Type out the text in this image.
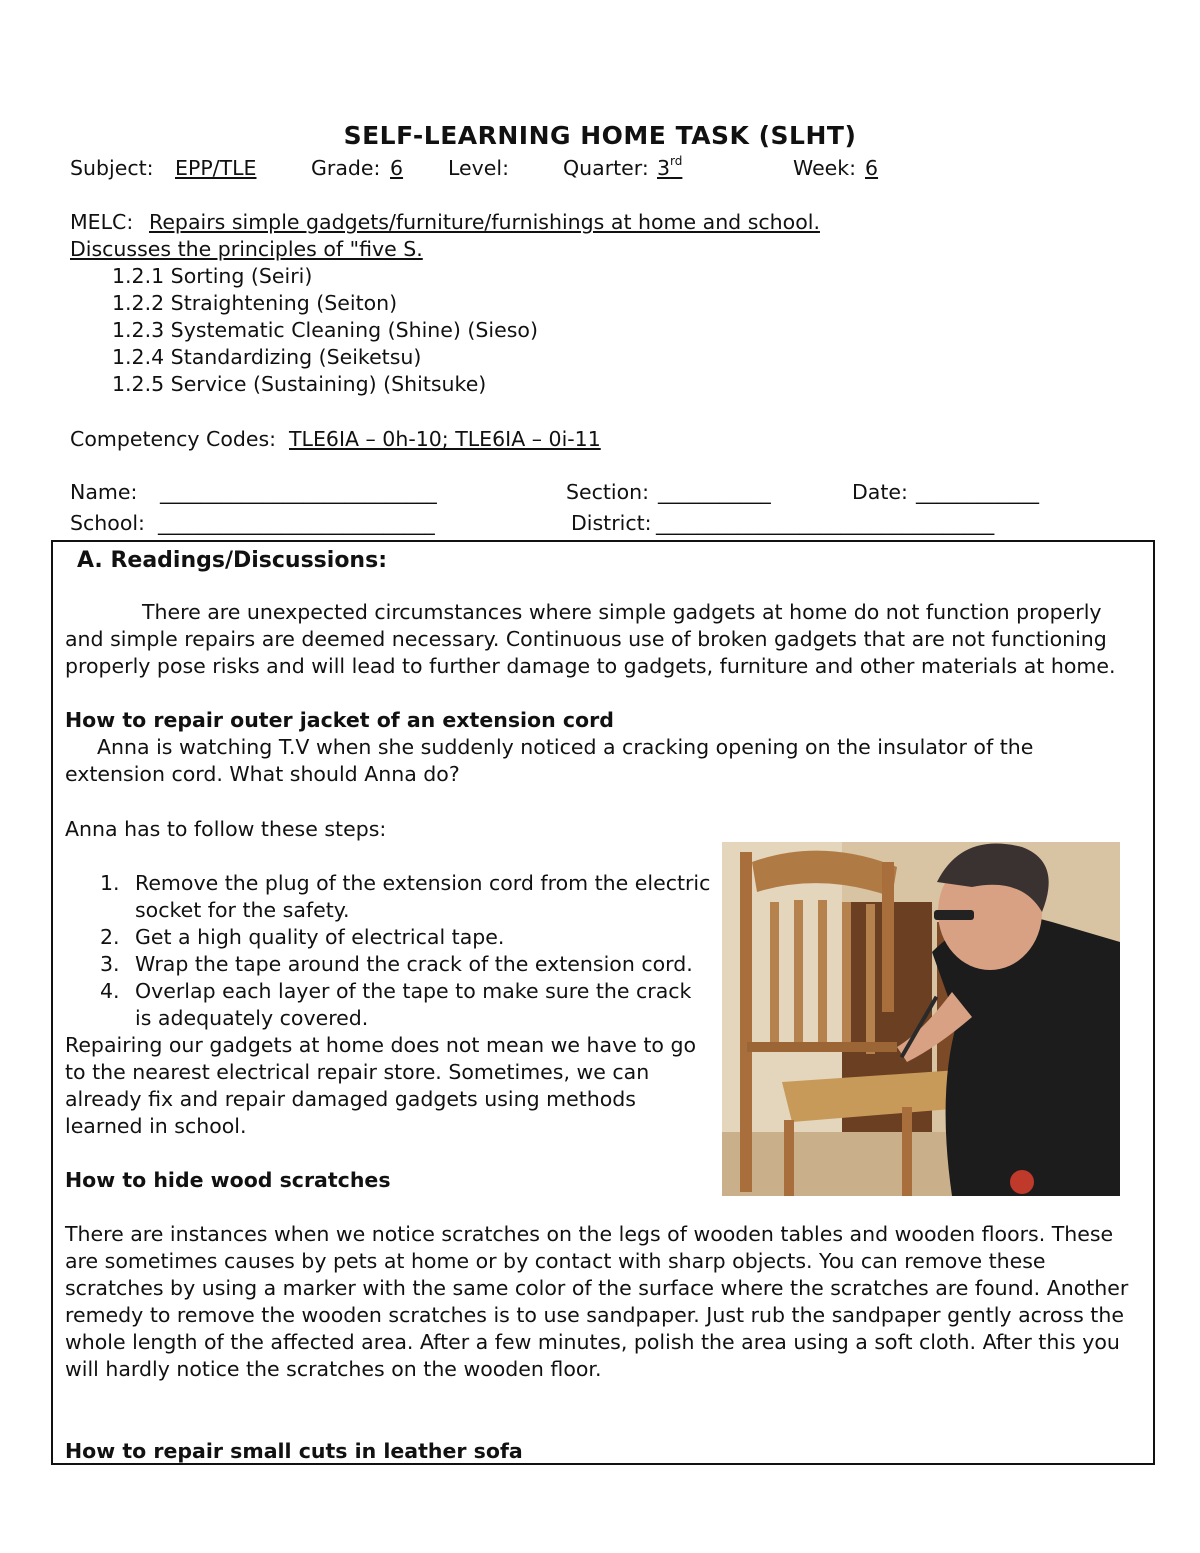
SELF-LEARNING HOME TASK (SLHT)
Subject: EPP/TLE	Grade: 6 Level:	Quarter: 3rd	Week: 6
MELC: Repairs simple gadgets/furniture/furnishings at home and school.
Discusses the principles of "five S.
1.2.1 Sorting (Seiri)
1.2.2 Straightening (Seiton)
1.2.3 Systematic Cleaning (Shine) (Sieso)
1.2.4 Standardizing (Seiketsu)
1.2.5 Service (Sustaining) (Shitsuke)
Competency Codes: TLE6IA – 0h-10; TLE6IA – 0i-11
Name: ___________________________	Section: ___________	Date: ____________
School: ___________________________	District: _________________________________
A. Readings/Discussions:
There are unexpected circumstances where simple gadgets at home do not function properly and simple repairs are deemed necessary. Continuous use of broken gadgets that are not functioning properly pose risks and will lead to further damage to gadgets, furniture and other materials at home.
How to repair outer jacket of an extension cord
Anna is watching T.V when she suddenly noticed a cracking opening on the insulator of the extension cord. What should Anna do?
Anna has to follow these steps:
1. Remove the plug of the extension cord from the electric socket for the safety.
2. Get a high quality of electrical tape.
3. Wrap the tape around the crack of the extension cord.
4. Overlap each layer of the tape to make sure the crack is adequately covered.
Repairing our gadgets at home does not mean we have to go to the nearest electrical repair store. Sometimes, we can already fix and repair damaged gadgets using methods learned in school.
How to hide wood scratches
There are instances when we notice scratches on the legs of wooden tables and wooden floors. These are sometimes causes by pets at home or by contact with sharp objects. You can remove these scratches by using a marker with the same color of the surface where the scratches are found. Another remedy to remove the wooden scratches is to use sandpaper. Just rub the sandpaper gently across the whole length of the affected area. After a few minutes, polish the area using a soft cloth. After this you will hardly notice the scratches on the wooden floor.
How to repair small cuts in leather sofa
